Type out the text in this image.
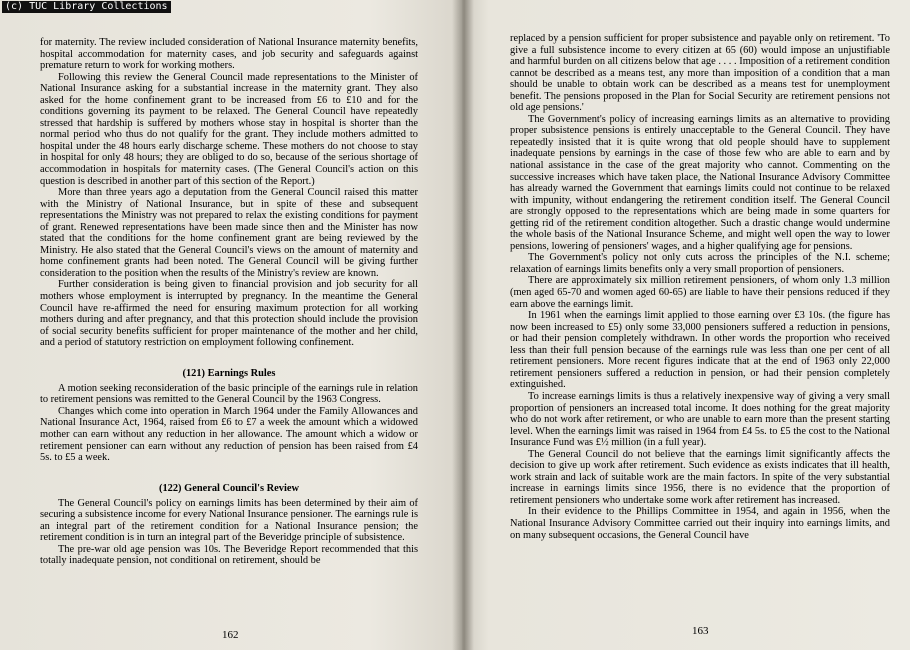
(c) TUC Library Collections

for maternity. The review included consideration of National Insurance maternity benefits, hospital accommodation for maternity cases, and job security and safeguards against premature return to work for working mothers.

Following this review the General Council made representations to the Minister of National Insurance asking for a substantial increase in the maternity grant. They also asked for the home confinement grant to be increased from £6 to £10 and for the conditions governing its payment to be relaxed. The General Council have repeatedly stressed that hardship is suffered by mothers whose stay in hospital is shorter than the normal period who thus do not qualify for the grant. They include mothers admitted to hospital under the 48 hours early discharge scheme. These mothers do not choose to stay in hospital for only 48 hours; they are obliged to do so, because of the serious shortage of accommodation in hospitals for maternity cases. (The General Council's action on this question is described in another part of this section of the Report.)

More than three years ago a deputation from the General Council raised this matter with the Ministry of National Insurance, but in spite of these and subsequent representations the Ministry was not prepared to relax the existing conditions for payment of grant. Renewed representations have been made since then and the Minister has now stated that the conditions for the home confinement grant are being reviewed by the Ministry. He also stated that the General Council's views on the amount of maternity and home confinement grants had been noted. The General Council will be giving further consideration to the position when the results of the Ministry's review are known.

Further consideration is being given to financial provision and job security for all mothers whose employment is interrupted by pregnancy. In the meantime the General Council have re-affirmed the need for ensuring maximum protection for all working mothers during and after pregnancy, and that this protection should include the provision of social security benefits sufficient for proper maintenance of the mother and her child, and a period of statutory restriction on employment following confinement.

(121) Earnings Rules

A motion seeking reconsideration of the basic principle of the earnings rule in relation to retirement pensions was remitted to the General Council by the 1963 Congress.

Changes which come into operation in March 1964 under the Family Allowances and National Insurance Act, 1964, raised from £6 to £7 a week the amount which a widowed mother can earn without any reduction in her allowance. The amount which a widow or retirement pensioner can earn without any reduction of pension has been raised from £4 5s. to £5 a week.

(122) General Council's Review

The General Council's policy on earnings limits has been determined by their aim of securing a subsistence income for every National Insurance pensioner. The earnings rule is an integral part of the retirement condition for a National Insurance pension; the retirement condition is in turn an integral part of the Beveridge principle of subsistence.

The pre-war old age pension was 10s. The Beveridge Report recommended that this totally inadequate pension, not conditional on retirement, should be

162

replaced by a pension sufficient for proper subsistence and payable only on retirement. 'To give a full subsistence income to every citizen at 65 (60) would impose an unjustifiable and harmful burden on all citizens below that age . . . . Imposition of a retirement condition cannot be described as a means test, any more than imposition of a condition that a man should be unable to obtain work can be described as a means test for unemployment benefit. The pensions proposed in the Plan for Social Security are retirement pensions not old age pensions.'

The Government's policy of increasing earnings limits as an alternative to providing proper subsistence pensions is entirely unacceptable to the General Council. They have repeatedly insisted that it is quite wrong that old people should have to supplement inadequate pensions by earnings in the case of those few who are able to earn and by national assistance in the case of the great majority who cannot. Commenting on the successive increases which have taken place, the National Insurance Advisory Committee has already warned the Government that earnings limits could not continue to be relaxed with impunity, without endangering the retirement condition itself. The General Council are strongly opposed to the representations which are being made in some quarters for getting rid of the retirement condition altogether. Such a drastic change would undermine the whole basis of the National Insurance Scheme, and might well open the way to lower pensions, lowering of pensioners' wages, and a higher qualifying age for pensions.

The Government's policy not only cuts across the principles of the N.I. scheme; relaxation of earnings limits benefits only a very small proportion of pensioners.

There are approximately six million retirement pensioners, of whom only 1.3 million (men aged 65-70 and women aged 60-65) are liable to have their pensions reduced if they earn above the earnings limit.

In 1961 when the earnings limit applied to those earning over £3 10s. (the figure has now been increased to £5) only some 33,000 pensioners suffered a reduction in pensions, or had their pension completely withdrawn. In other words the proportion who received less than their full pension because of the earnings rule was less than one per cent of all retirement pensioners. More recent figures indicate that at the end of 1963 only 22,000 retirement pensioners suffered a reduction in pension, or had their pension completely extinguished.

To increase earnings limits is thus a relatively inexpensive way of giving a very small proportion of pensioners an increased total income. It does nothing for the great majority who do not work after retirement, or who are unable to earn more than the present starting level. When the earnings limit was raised in 1964 from £4 5s. to £5 the cost to the National Insurance Fund was £½ million (in a full year).

The General Council do not believe that the earnings limit significantly affects the decision to give up work after retirement. Such evidence as exists indicates that ill health, work strain and lack of suitable work are the main factors. In spite of the very substantial increase in earnings limits since 1956, there is no evidence that the proportion of retirement pensioners who undertake some work after retirement has increased.

In their evidence to the Phillips Committee in 1954, and again in 1956, when the National Insurance Advisory Committee carried out their inquiry into earnings limits, and on many subsequent occasions, the General Council have

163
